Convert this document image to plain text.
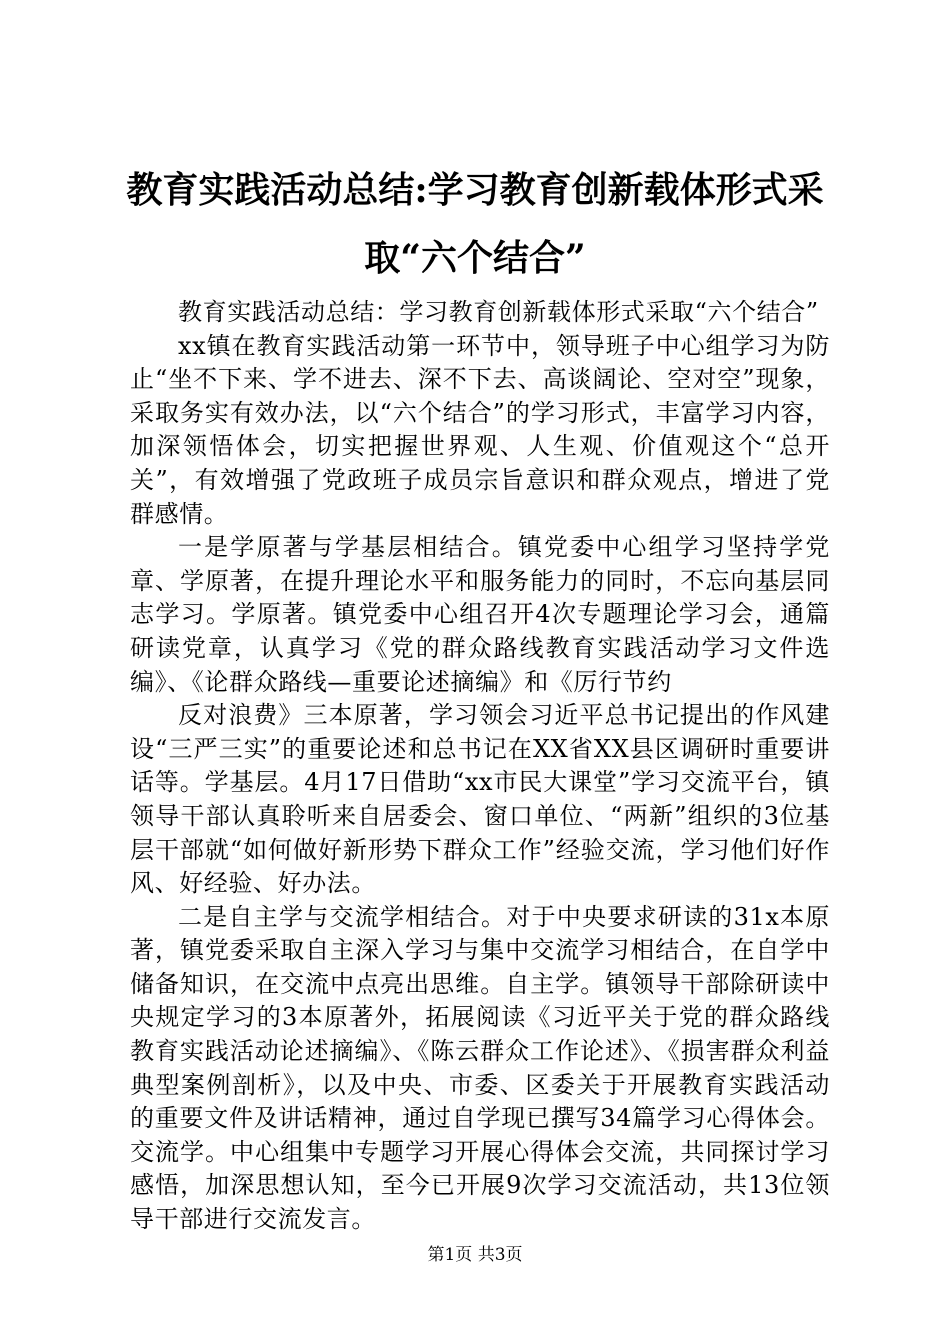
教育实践活动总结:学习教育创新载体形式采取“六个结合”

教育实践活动总结：学习教育创新载体形式采取“六个结合”

xx镇在教育实践活动第一环节中，领导班子中心组学习为防止“坐不下来、学不进去、深不下去、高谈阔论、空对空”现象，采取务实有效办法，以“六个结合”的学习形式，丰富学习内容，加深领悟体会，切实把握世界观、人生观、价值观这个“总开关”，有效增强了党政班子成员宗旨意识和群众观点，增进了党群感情。

一是学原著与学基层相结合。镇党委中心组学习坚持学党章、学原著，在提升理论水平和服务能力的同时，不忘向基层同志学习。学原著。镇党委中心组召开4次专题理论学习会，通篇研读党章，认真学习《党的群众路线教育实践活动学习文件选编》、《论群众路线—重要论述摘编》和《厉行节约

反对浪费》三本原著，学习领会习近平总书记提出的作风建设“三严三实”的重要论述和总书记在XX省XX县区调研时重要讲话等。学基层。4月17日借助“xx市民大课堂”学习交流平台，镇领导干部认真聆听来自居委会、窗口单位、“两新”组织的3位基层干部就“如何做好新形势下群众工作”经验交流，学习他们好作风、好经验、好办法。

二是自主学与交流学相结合。对于中央要求研读的31x本原著，镇党委采取自主深入学习与集中交流学习相结合，在自学中储备知识，在交流中点亮出思维。自主学。镇领导干部除研读中央规定学习的3本原著外，拓展阅读《习近平关于党的群众路线教育实践活动论述摘编》、《陈云群众工作论述》、《损害群众利益典型案例剖析》，以及中央、市委、区委关于开展教育实践活动的重要文件及讲话精神，通过自学现已撰写34篇学习心得体会。交流学。中心组集中专题学习开展心得体会交流，共同探讨学习感悟，加深思想认知，至今已开展9次学习交流活动，共13位领导干部进行交流发言。

第1页 共3页
